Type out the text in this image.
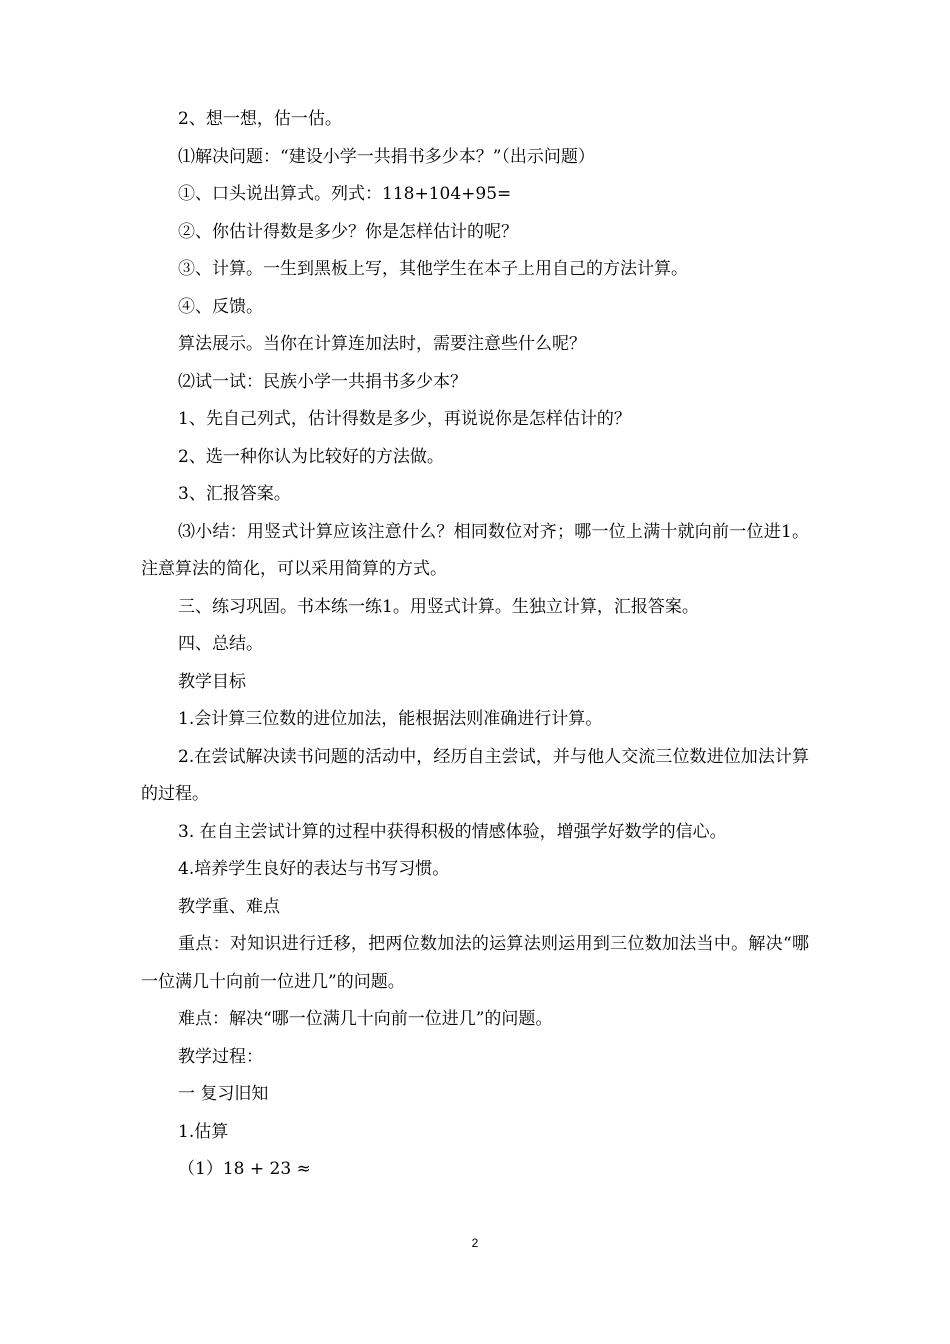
2、想一想，估一估。

⑴解决问题：“建设小学一共捐书多少本？”（出示问题）

①、口头说出算式。列式：118+104+95=

②、你估计得数是多少？你是怎样估计的呢？

③、计算。一生到黑板上写，其他学生在本子上用自己的方法计算。

④、反馈。

算法展示。当你在计算连加法时，需要注意些什么呢？

⑵试一试：民族小学一共捐书多少本？

1、先自己列式，估计得数是多少，再说说你是怎样估计的？

2、选一种你认为比较好的方法做。

3、汇报答案。

⑶小结：用竖式计算应该注意什么？相同数位对齐；哪一位上满十就向前一位进1。注意算法的简化，可以采用简算的方式。

三、练习巩固。书本练一练1。用竖式计算。生独立计算，汇报答案。

四、总结。

教学目标

1.会计算三位数的进位加法，能根据法则准确进行计算。

2.在尝试解决读书问题的活动中，经历自主尝试，并与他人交流三位数进位加法计算的过程。

3. 在自主尝试计算的过程中获得积极的情感体验，增强学好数学的信心。

4.培养学生良好的表达与书写习惯。

教学重、难点

重点：对知识进行迁移，把两位数加法的运算法则运用到三位数加法当中。解决“哪一位满几十向前一位进几”的问题。

难点：解决“哪一位满几十向前一位进几”的问题。

教学过程：

一 复习旧知

1.估算

（1）18 + 23 ≈

2
